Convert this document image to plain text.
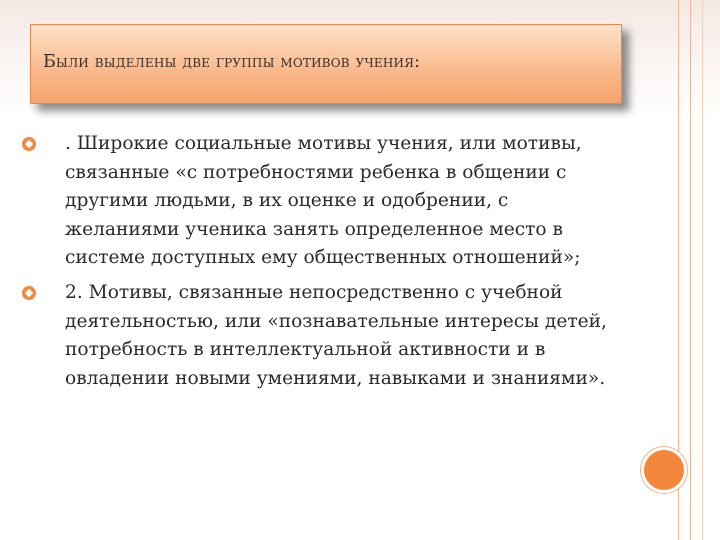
Были выделены две группы мотивов учения:
. Широкие социальные мотивы учения, или мотивы, связанные «с потребностями ребенка в общении с другими людьми, в их оценке и одобрении, с желаниями ученика занять определенное место в системе доступных ему общественных отношений»;
2. Мотивы, связанные непосредственно с учебной деятельностью, или «познавательные интересы детей, потребность в интеллектуальной активности и в овладении новыми умениями, навыками и знаниями».
